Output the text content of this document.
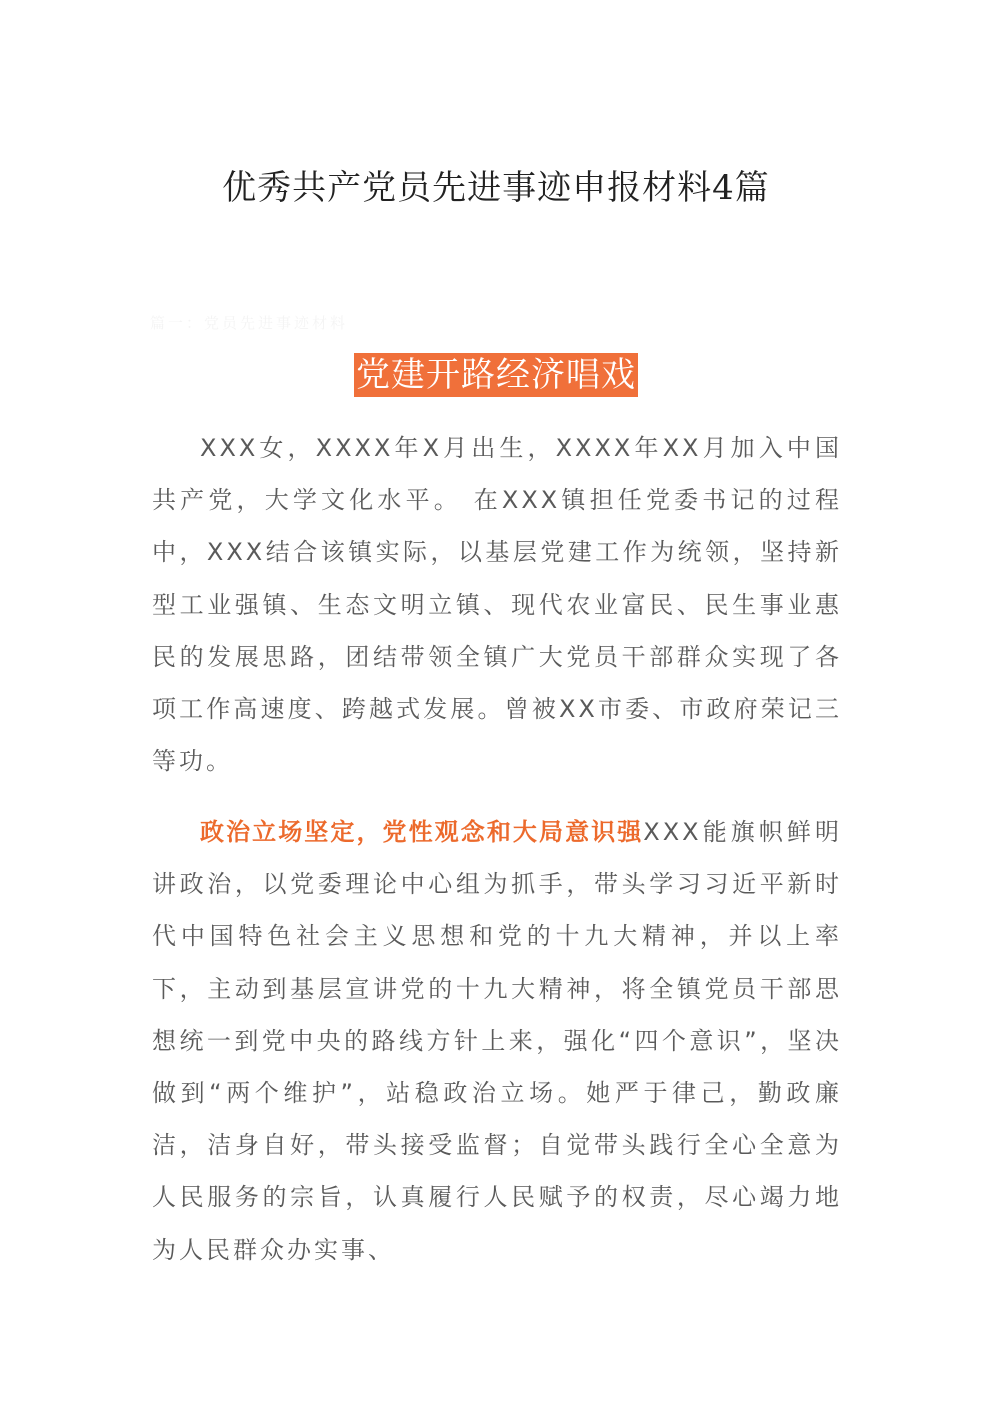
优秀共产党员先进事迹申报材料4篇
篇一：党员先进事迹材料
党建开路经济唱戏

XXX女，XXXX年X月出生，XXXX年XX月加入中国共产党，大学文化水平。 在XXX镇担任党委书记的过程中，XXX结合该镇实际，以基层党建工作为统领，坚持新型工业强镇、生态文明立镇、现代农业富民、民生事业惠民的发展思路，团结带领全镇广大党员干部群众实现了各项工作高速度、跨越式发展。曾被XX市委、市政府荣记三等功。

政治立场坚定，党性观念和大局意识强XXX能旗帜鲜明讲政治，以党委理论中心组为抓手，带头学习习近平新时代中国特色社会主义思想和党的十九大精神，并以上率下，主动到基层宣讲党的十九大精神，将全镇党员干部思想统一到党中央的路线方针上来，强化“四个意识”，坚决做到“两个维护”，站稳政治立场。她严于律己，勤政廉洁，洁身自好，带头接受监督；自觉带头践行全心全意为人民服务的宗旨，认真履行人民赋予的权责，尽心竭力地为人民群众办实事、
